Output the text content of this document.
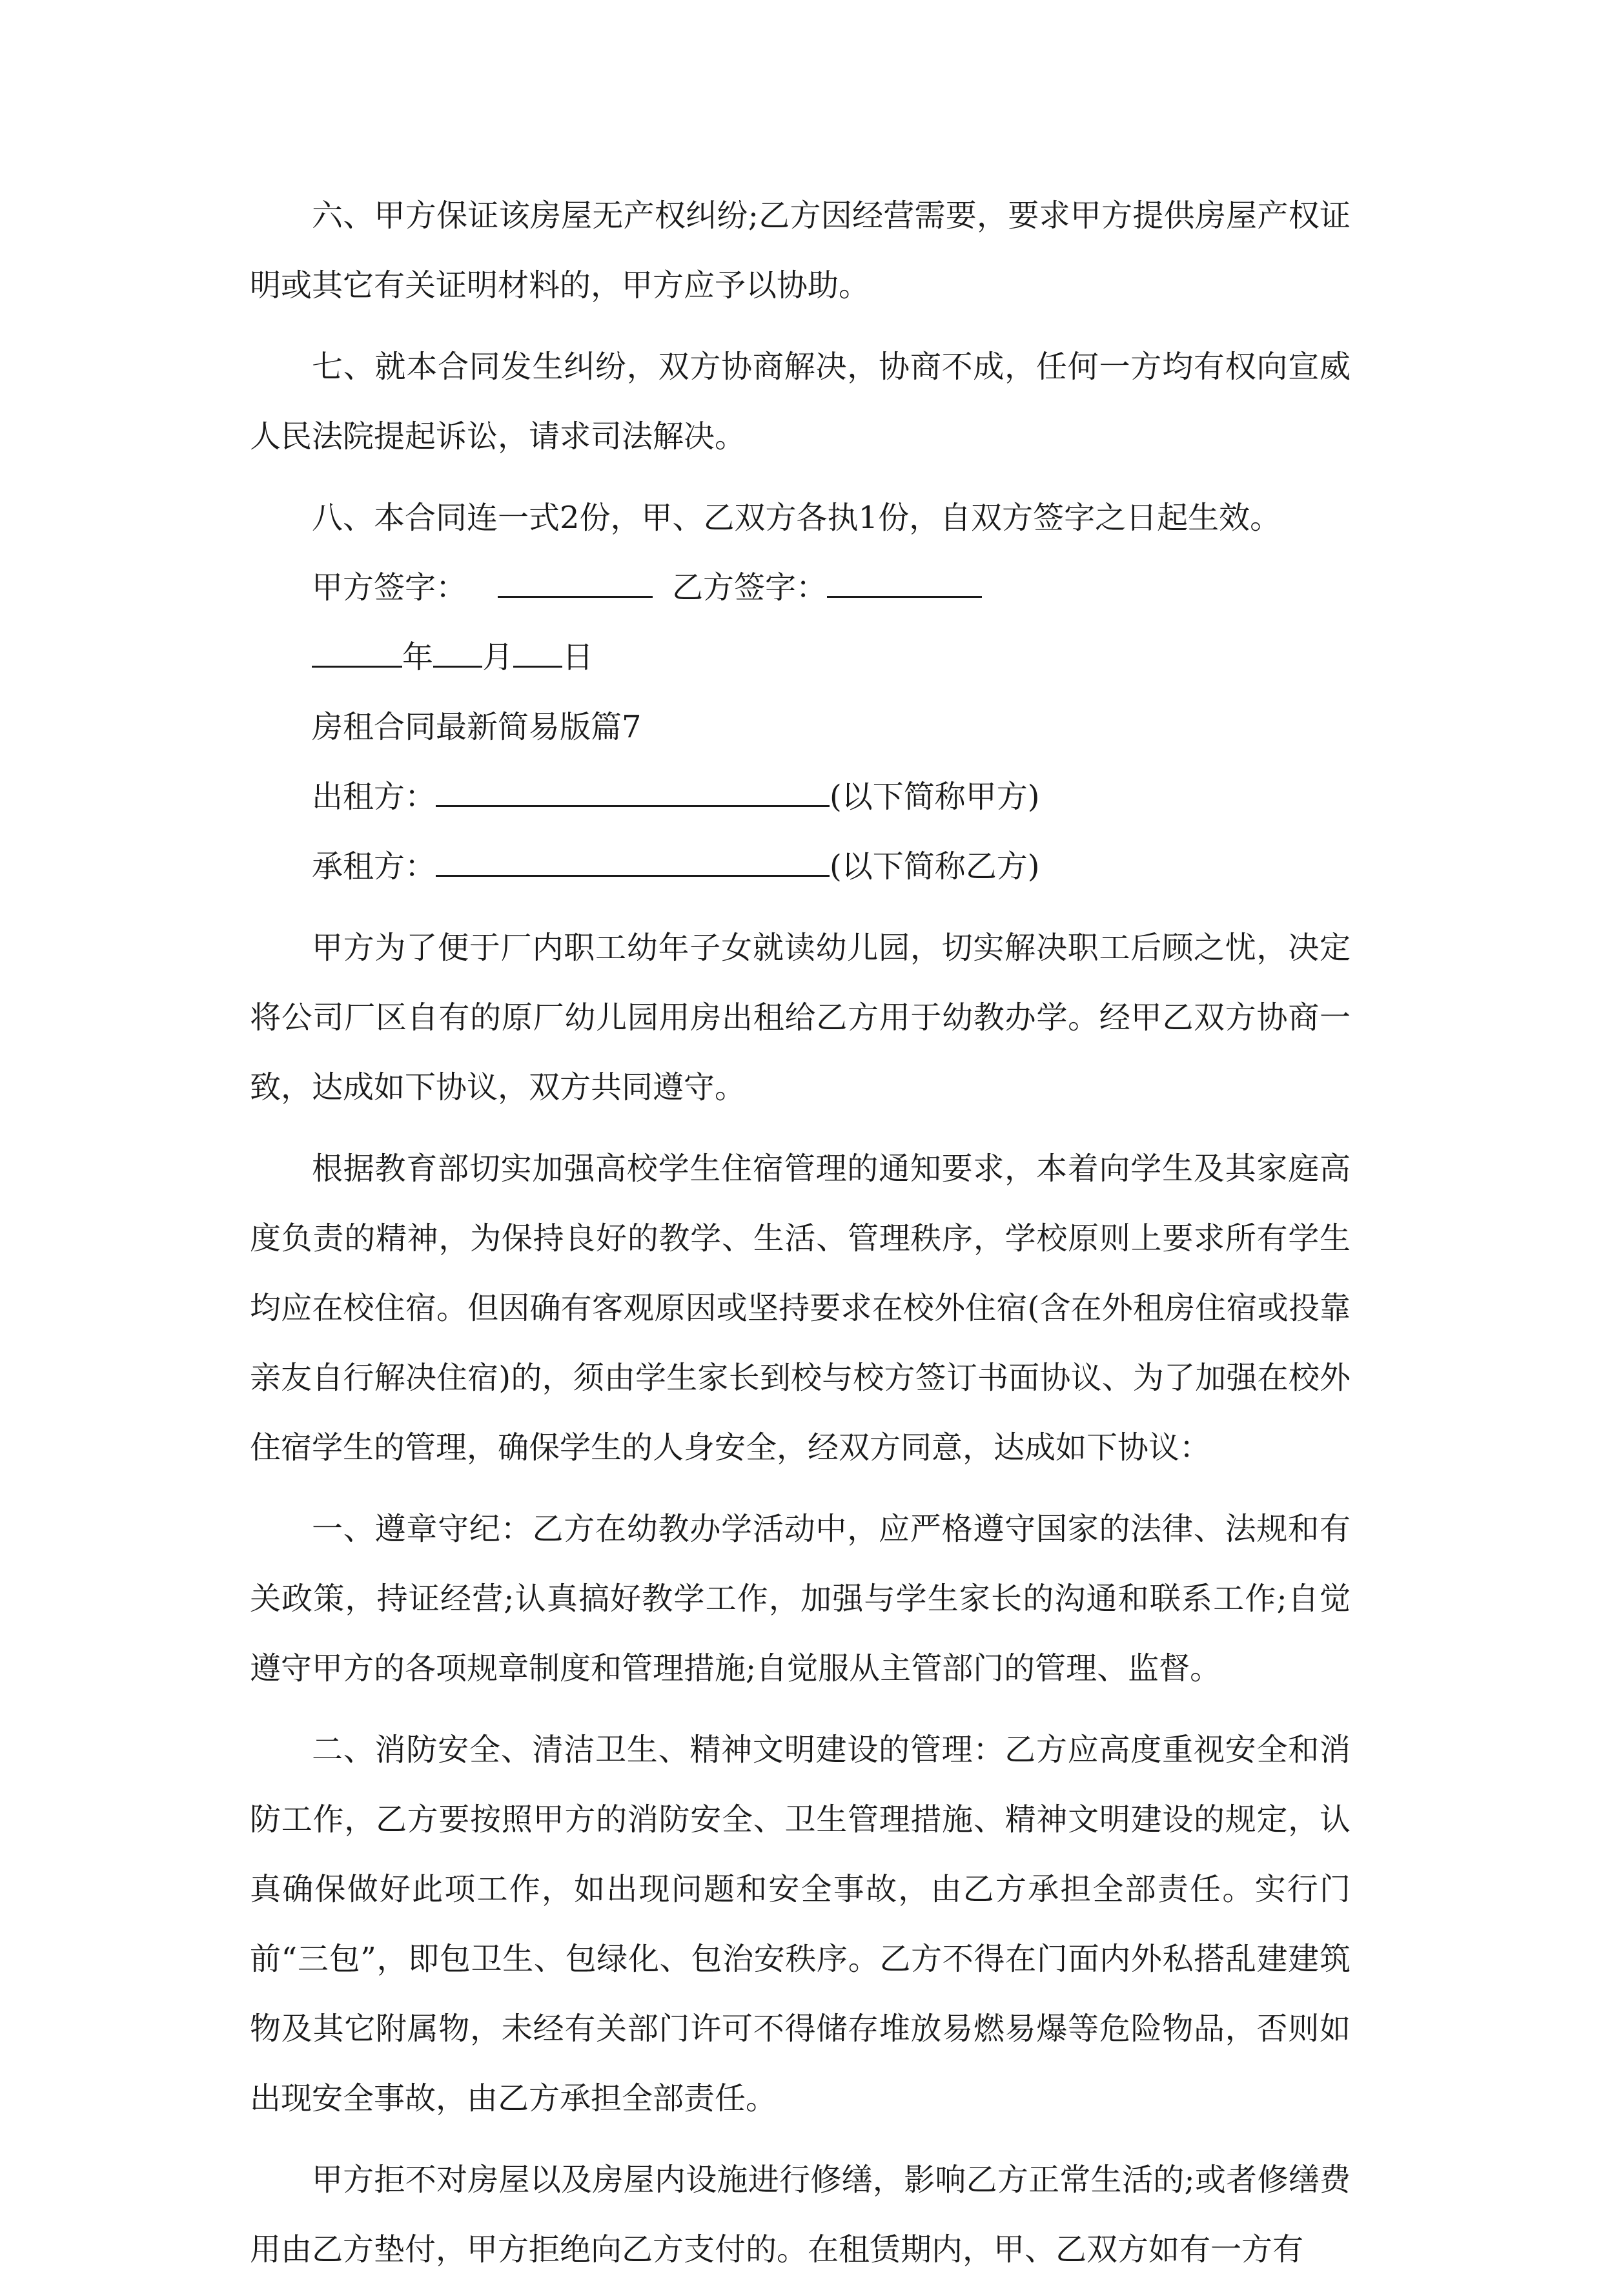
六、甲方保证该房屋无产权纠纷;乙方因经营需要，要求甲方提供房屋产权证明或其它有关证明材料的，甲方应予以协助。

七、就本合同发生纠纷，双方协商解决，协商不成，任何一方均有权向宣威人民法院提起诉讼，请求司法解决。

八、本合同连一式2份，甲、乙双方各执1份，自双方签字之日起生效。

甲方签字：	乙方签字：

年 月 日

房租合同最新简易版篇7

出租方：	(以下简称甲方)

承租方：	(以下简称乙方)

甲方为了便于厂内职工幼年子女就读幼儿园，切实解决职工后顾之忧，决定将公司厂区自有的原厂幼儿园用房出租给乙方用于幼教办学。经甲乙双方协商一致，达成如下协议，双方共同遵守。

根据教育部切实加强高校学生住宿管理的通知要求，本着向学生及其家庭高度负责的精神，为保持良好的教学、生活、管理秩序，学校原则上要求所有学生均应在校住宿。但因确有客观原因或坚持要求在校外住宿(含在外租房住宿或投靠亲友自行解决住宿)的，须由学生家长到校与校方签订书面协议、为了加强在校外住宿学生的管理，确保学生的人身安全，经双方同意，达成如下协议：

一、遵章守纪：乙方在幼教办学活动中，应严格遵守国家的法律、法规和有关政策，持证经营;认真搞好教学工作，加强与学生家长的沟通和联系工作;自觉遵守甲方的各项规章制度和管理措施;自觉服从主管部门的管理、监督。

二、消防安全、清洁卫生、精神文明建设的管理：乙方应高度重视安全和消防工作，乙方要按照甲方的消防安全、卫生管理措施、精神文明建设的规定，认真确保做好此项工作，如出现问题和安全事故，由乙方承担全部责任。实行门前“三包”，即包卫生、包绿化、包治安秩序。乙方不得在门面内外私搭乱建建筑物及其它附属物，未经有关部门许可不得储存堆放易燃易爆等危险物品，否则如出现安全事故，由乙方承担全部责任。

甲方拒不对房屋以及房屋内设施进行修缮，影响乙方正常生活的;或者修缮费用由乙方垫付，甲方拒绝向乙方支付的。在租赁期内，甲、乙双方如有一方有
